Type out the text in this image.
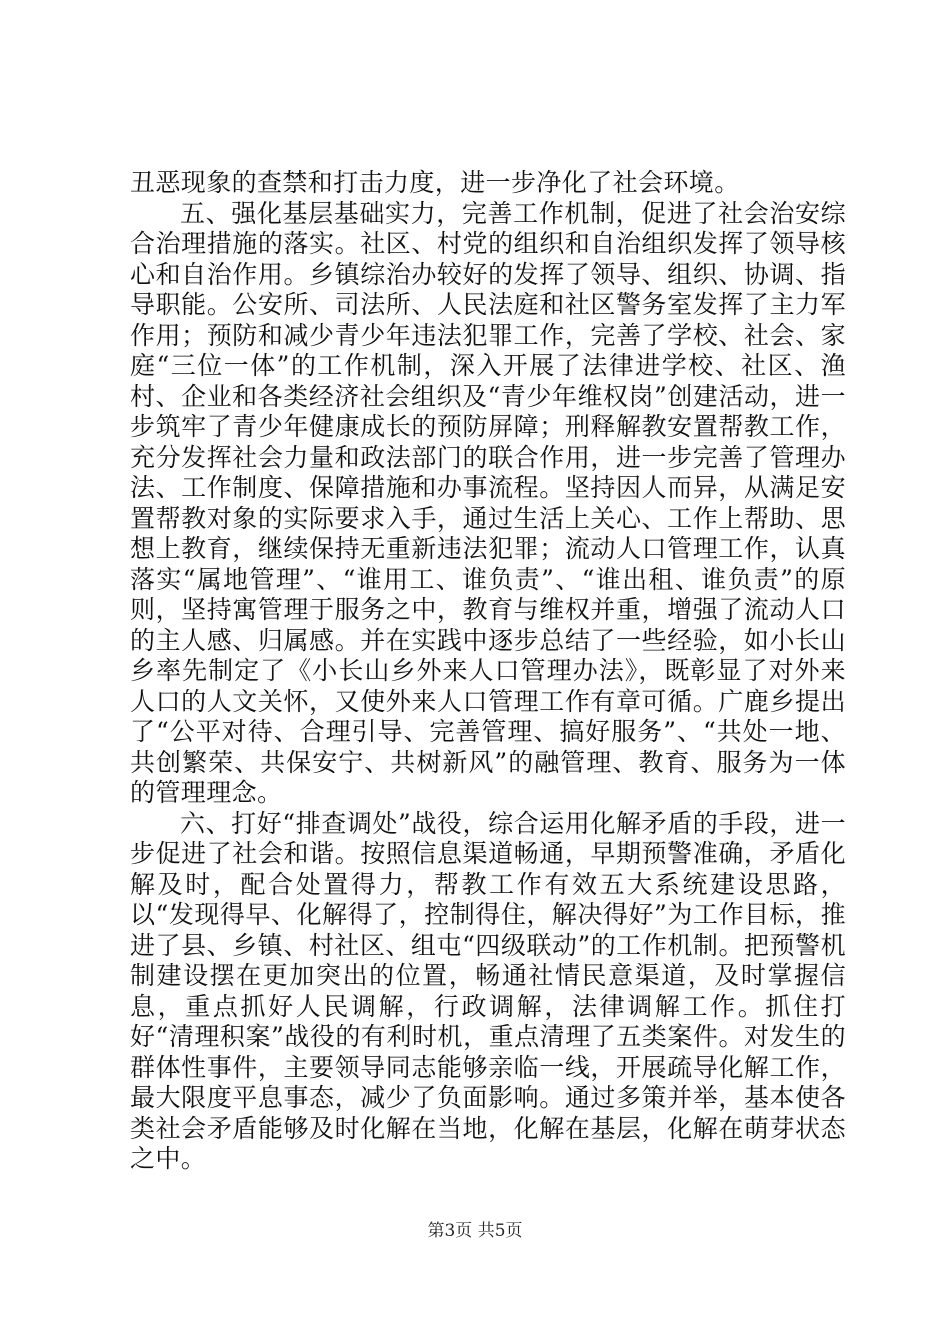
丑恶现象的查禁和打击力度，进一步净化了社会环境。

五、强化基层基础实力，完善工作机制，促进了社会治安综合治理措施的落实。社区、村党的组织和自治组织发挥了领导核心和自治作用。乡镇综治办较好的发挥了领导、组织、协调、指导职能。公安所、司法所、人民法庭和社区警务室发挥了主力军作用；预防和减少青少年违法犯罪工作，完善了学校、社会、家庭“三位一体”的工作机制，深入开展了法律进学校、社区、渔村、企业和各类经济社会组织及“青少年维权岗”创建活动，进一步筑牢了青少年健康成长的预防屏障；刑释解教安置帮教工作，充分发挥社会力量和政法部门的联合作用，进一步完善了管理办法、工作制度、保障措施和办事流程。坚持因人而异，从满足安置帮教对象的实际要求入手，通过生活上关心、工作上帮助、思想上教育，继续保持无重新违法犯罪；流动人口管理工作，认真落实“属地管理”、“谁用工、谁负责”、“谁出租、谁负责”的原则，坚持寓管理于服务之中，教育与维权并重，增强了流动人口的主人感、归属感。并在实践中逐步总结了一些经验，如小长山乡率先制定了《小长山乡外来人口管理办法》，既彰显了对外来人口的人文关怀，又使外来人口管理工作有章可循。广鹿乡提出了“公平对待、合理引导、完善管理、搞好服务”、“共处一地、共创繁荣、共保安宁、共树新风”的融管理、教育、服务为一体的管理理念。

六、打好“排查调处”战役，综合运用化解矛盾的手段，进一步促进了社会和谐。按照信息渠道畅通，早期预警准确，矛盾化解及时，配合处置得力，帮教工作有效五大系统建设思路，以“发现得早、化解得了，控制得住，解决得好”为工作目标，推进了县、乡镇、村社区、组屯“四级联动”的工作机制。把预警机制建设摆在更加突出的位置，畅通社情民意渠道，及时掌握信息，重点抓好人民调解，行政调解，法律调解工作。抓住打好“清理积案”战役的有利时机，重点清理了五类案件。对发生的群体性事件，主要领导同志能够亲临一线，开展疏导化解工作，最大限度平息事态，减少了负面影响。通过多策并举，基本使各类社会矛盾能够及时化解在当地，化解在基层，化解在萌芽状态之中。

第3页 共5页
